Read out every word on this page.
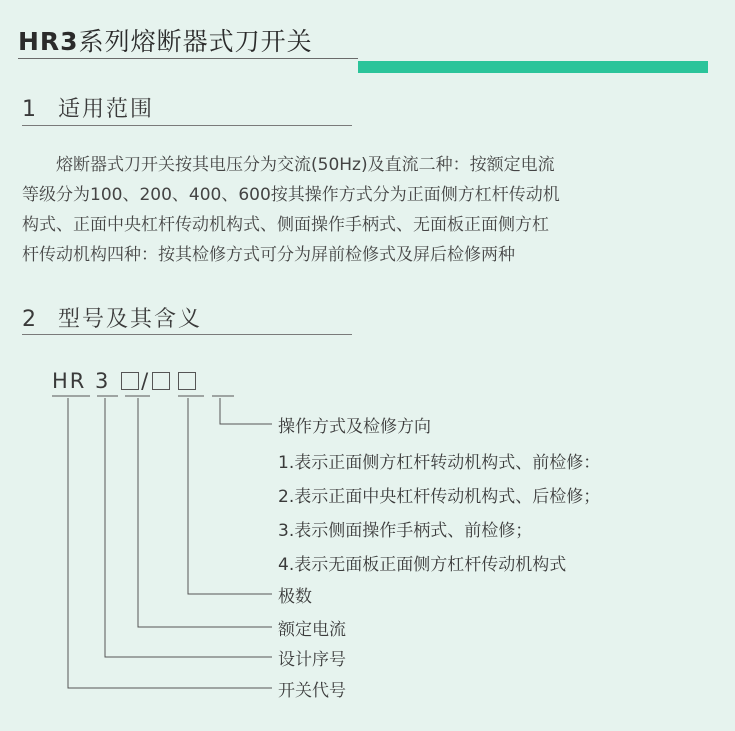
HR3系列熔断器式刀开关
1 适用范围
　　熔断器式刀开关按其电压分为交流(50Hz)及直流二种：按额定电流
等级分为100、200、400、600按其操作方式分为正面侧方杠杆传动机
构式、正面中央杠杆传动机构式、侧面操作手柄式、无面板正面侧方杠
杆传动机构四种：按其检修方式可分为屏前检修式及屏后检修两种
2 型号及其含义
HR 3 /
操作方式及检修方向
1.表示正面侧方杠杆转动机构式、前检修：
2.表示正面中央杠杆传动机构式、后检修；
3.表示侧面操作手柄式、前检修；
4.表示无面板正面侧方杠杆传动机构式
极数
额定电流
设计序号
开关代号
